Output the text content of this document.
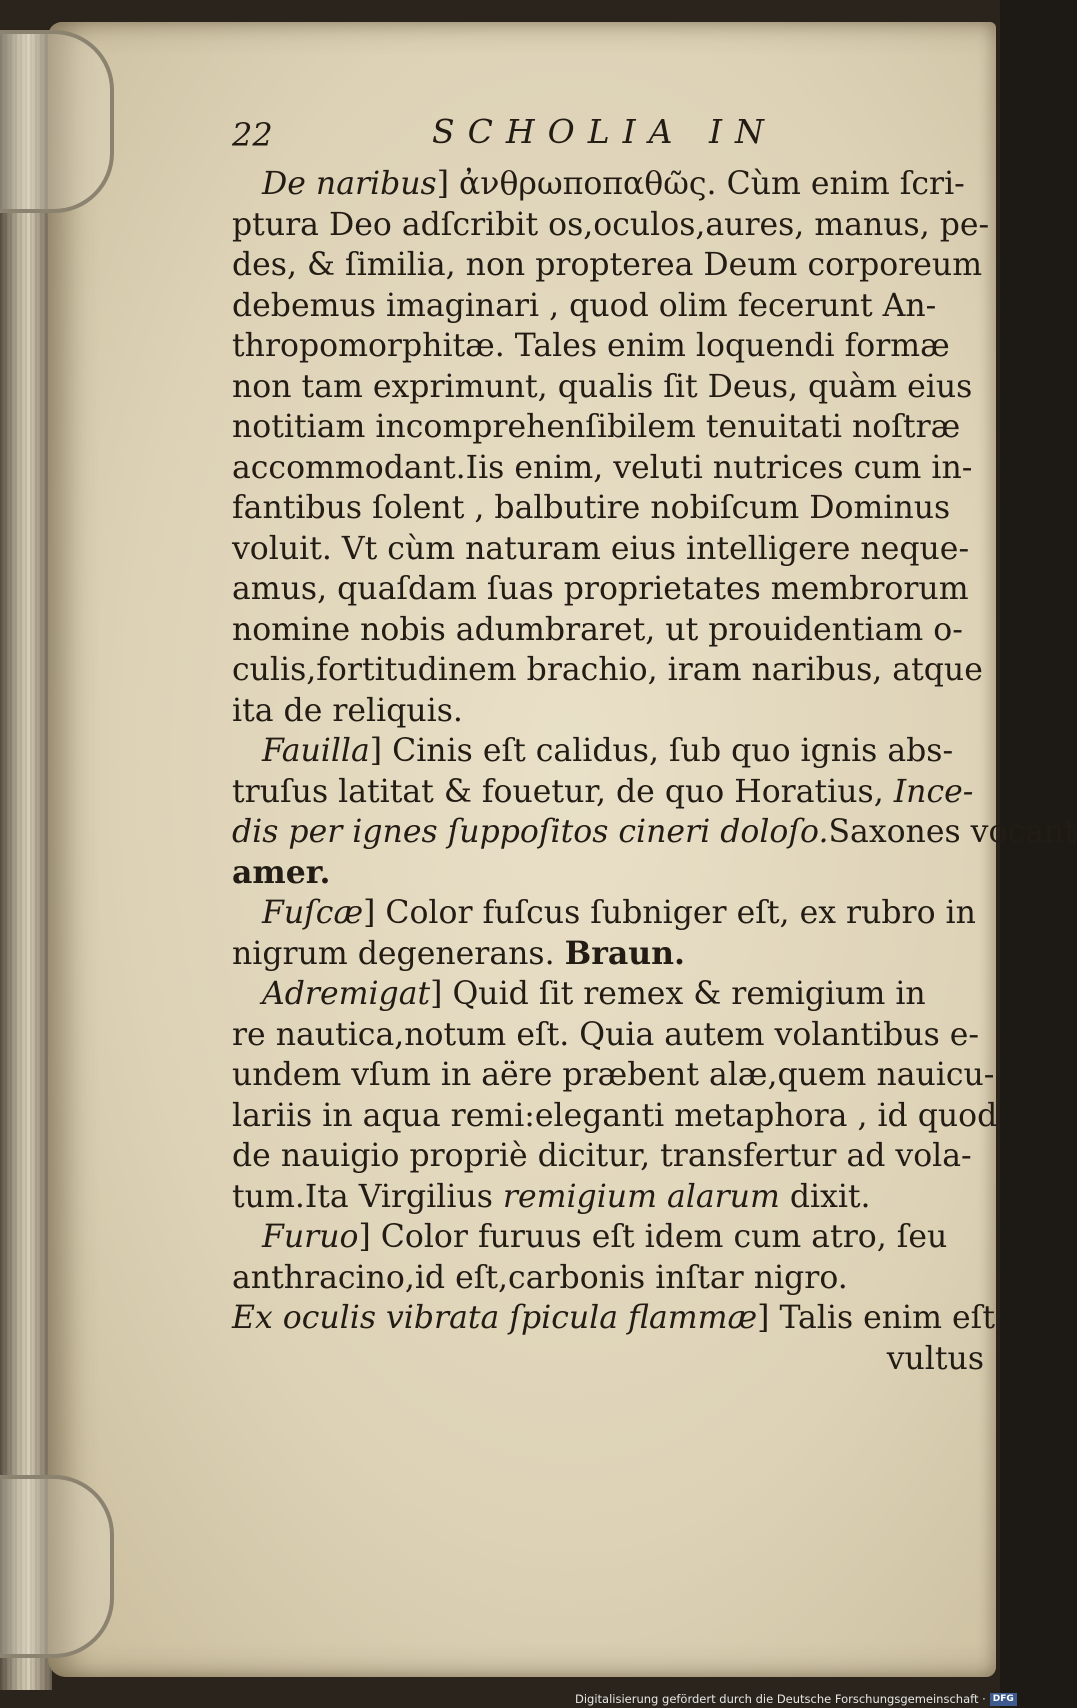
22	SCHOLIA IN
De naribus] ἀνθρωποπαθῶς. Cùm enim ſcri-
ptura Deo adſcribit os,oculos,aures, manus, pe-
des, & ſimilia, non propterea Deum corporeum
debemus imaginari , quod olim fecerunt An-
thropomorphitæ. Tales enim loquendi formæ
non tam exprimunt, qualis ſit Deus, quàm eius
notitiam incomprehenſibilem tenuitati noſtræ
accommodant.Iis enim, veluti nutrices cum in-
fantibus ſolent , balbutire nobiſcum Dominus
voluit. Vt cùm naturam eius intelligere neque-
amus, quaſdam ſuas proprietates membrorum
nomine nobis adumbraret, ut prouidentiam o-
culis,fortitudinem brachio, iram naribus, atque
ita de reliquis.
Fauilla] Cinis eſt calidus, ſub quo ignis abs-
truſus latitat & fouetur, de quo Horatius, Ince-
dis per ignes ſuppoſitos cineri doloſo.Saxones vocant
amer.
Fuſcæ] Color fuſcus ſubniger eſt, ex rubro in
nigrum degenerans. Braun.
Adremigat] Quid ſit remex & remigium in
re nautica,notum eſt. Quia autem volantibus e-
undem vſum in aëre præbent alæ,quem nauicu-
lariis in aqua remi:eleganti metaphora , id quod
de nauigio propriè dicitur, transfertur ad vola-
tum.Ita Virgilius remigium alarum dixit.
Furuo] Color furuus eſt idem cum atro, ſeu
anthracino,id eſt,carbonis inſtar nigro.
Ex oculis vibrata ſpicula flammæ] Talis enim eſt
vultus
Digitalisierung gefördert durch die Deutsche Forschungsgemeinschaft · DFG
